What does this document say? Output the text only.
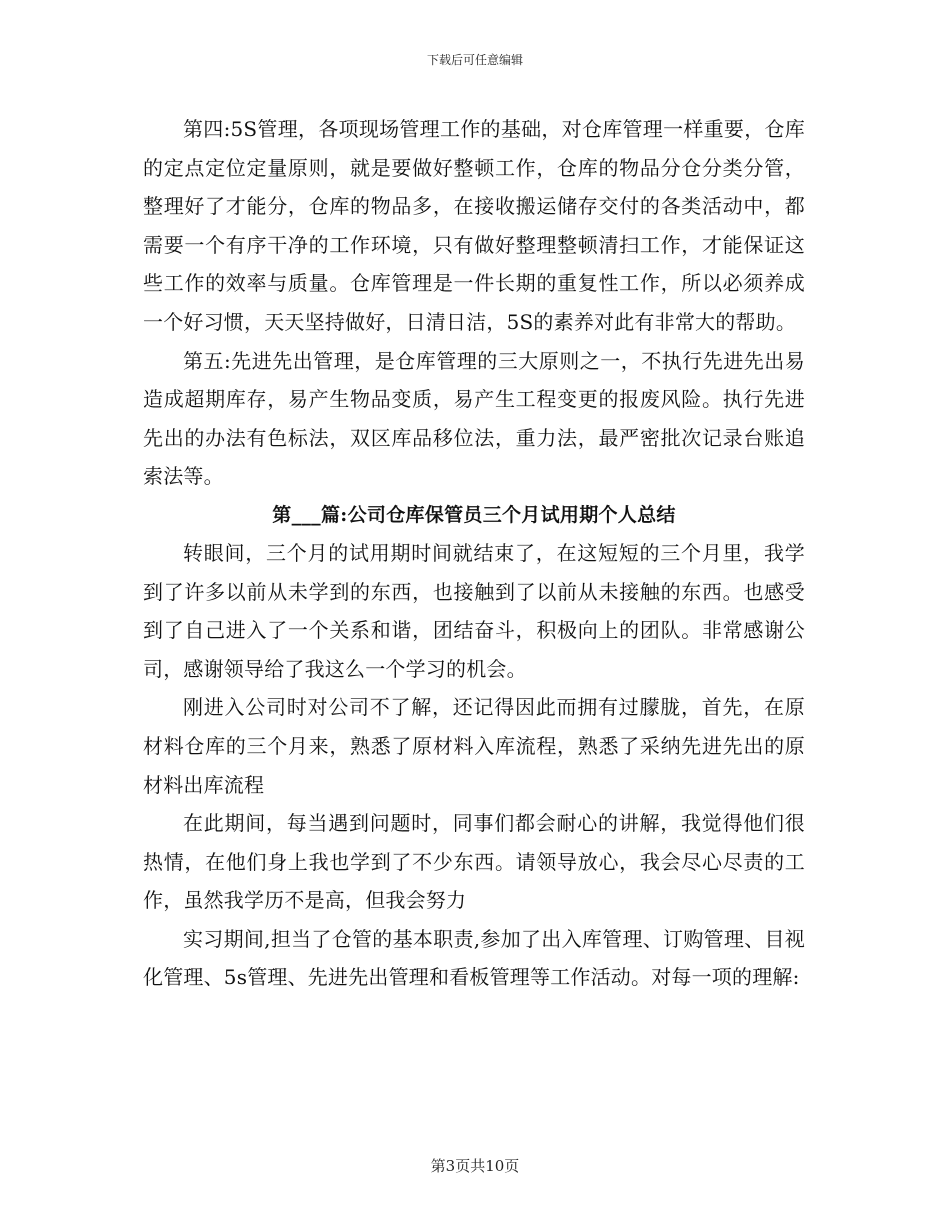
下载后可任意编辑

第四:5S管理，各项现场管理工作的基础，对仓库管理一样重要，仓库的定点定位定量原则，就是要做好整顿工作，仓库的物品分仓分类分管，整理好了才能分，仓库的物品多，在接收搬运储存交付的各类活动中，都需要一个有序干净的工作环境，只有做好整理整顿清扫工作，才能保证这些工作的效率与质量。仓库管理是一件长期的重复性工作，所以必须养成一个好习惯，天天坚持做好，日清日洁，5S的素养对此有非常大的帮助。

第五:先进先出管理，是仓库管理的三大原则之一，不执行先进先出易造成超期库存，易产生物品变质，易产生工程变更的报废风险。执行先进先出的办法有色标法，双区库品移位法，重力法，最严密批次记录台账追索法等。

第___篇:公司仓库保管员三个月试用期个人总结

转眼间，三个月的试用期时间就结束了，在这短短的三个月里，我学到了许多以前从未学到的东西，也接触到了以前从未接触的东西。也感受到了自己进入了一个关系和谐，团结奋斗，积极向上的团队。非常感谢公司，感谢领导给了我这么一个学习的机会。

刚进入公司时对公司不了解，还记得因此而拥有过朦胧，首先，在原材料仓库的三个月来，熟悉了原材料入库流程，熟悉了采纳先进先出的原材料出库流程

在此期间，每当遇到问题时，同事们都会耐心的讲解，我觉得他们很热情，在他们身上我也学到了不少东西。请领导放心，我会尽心尽责的工作，虽然我学历不是高，但我会努力

实习期间,担当了仓管的基本职责,参加了出入库管理、订购管理、目视化管理、5s管理、先进先出管理和看板管理等工作活动。对每一项的理解:

第3页共10页
